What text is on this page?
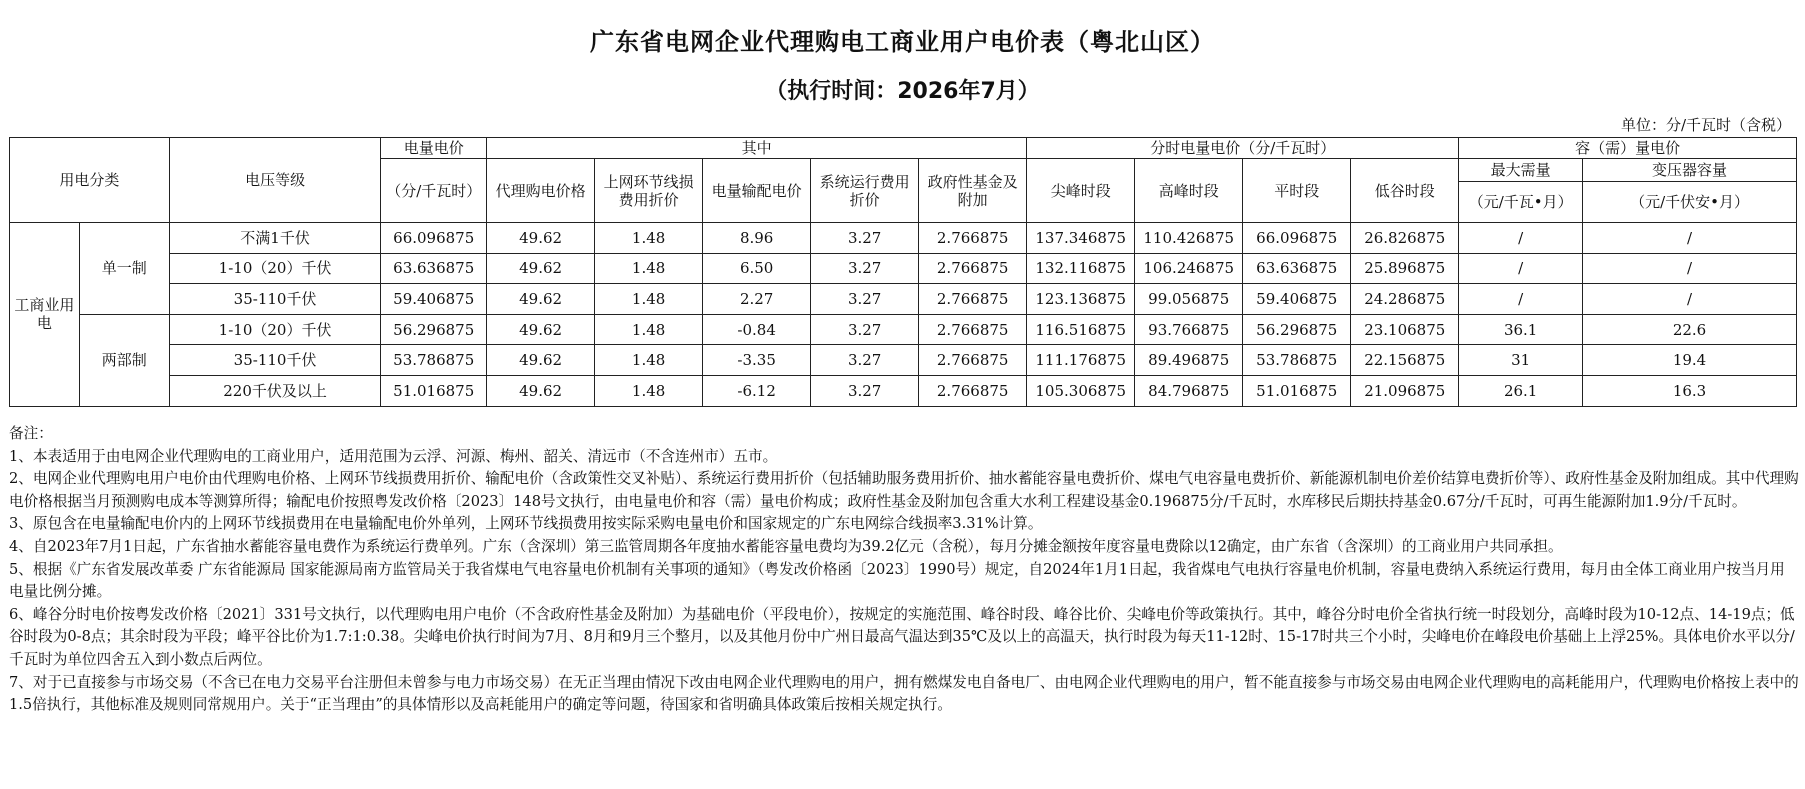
广东省电网企业代理购电工商业用户电价表（粤北山区）
（执行时间：2026年7月）
单位：分/千瓦时（含税）
用电分类		电压等级	电量电价	其中					分时电量电价（分/千瓦时）				容（需）量电价	
			（分/千瓦时）	代理购电价格	上网环节线损费用折价	电量输配电价	系统运行费用折价	政府性基金及附加	尖峰时段	高峰时段	平时段	低谷时段	最大需量	变压器容量
													（元/千瓦•月）	（元/千伏安•月）
工商业用电	单一制	不满1千伏	66.096875	49.62	1.48	8.96	3.27	2.766875	137.346875	110.426875	66.096875	26.826875	/	/
		1-10（20）千伏	63.636875	49.62	1.48	6.50	3.27	2.766875	132.116875	106.246875	63.636875	25.896875	/	/
		35-110千伏	59.406875	49.62	1.48	2.27	3.27	2.766875	123.136875	99.056875	59.406875	24.286875	/	/
	两部制	1-10（20）千伏	56.296875	49.62	1.48	-0.84	3.27	2.766875	116.516875	93.766875	56.296875	23.106875	36.1	22.6
		35-110千伏	53.786875	49.62	1.48	-3.35	3.27	2.766875	111.176875	89.496875	53.786875	22.156875	31	19.4
		220千伏及以上	51.016875	49.62	1.48	-6.12	3.27	2.766875	105.306875	84.796875	51.016875	21.096875	26.1	16.3

备注：

1、本表适用于由电网企业代理购电的工商业用户，适用范围为云浮、河源、梅州、韶关、清远市（不含连州市）五市。

2、电网企业代理购电用户电价由代理购电价格、上网环节线损费用折价、输配电价（含政策性交叉补贴）、系统运行费用折价（包括辅助服务费用折价、抽水蓄能容量电费折价、煤电气电容量电费折价、新能源机制电价差价结算电费折价等）、政府性基金及附加组成。其中代理购电价格根据当月预测购电成本等测算所得；输配电价按照粤发改价格〔2023〕148号文执行，由电量电价和容（需）量电价构成；政府性基金及附加包含重大水利工程建设基金0.196875分/千瓦时，水库移民后期扶持基金0.67分/千瓦时，可再生能源附加1.9分/千瓦时。

3、原包含在电量输配电价内的上网环节线损费用在电量输配电价外单列，上网环节线损费用按实际采购电量电价和国家规定的广东电网综合线损率3.31%计算。

4、自2023年7月1日起，广东省抽水蓄能容量电费作为系统运行费单列。广东（含深圳）第三监管周期各年度抽水蓄能容量电费均为39.2亿元（含税），每月分摊金额按年度容量电费除以12确定，由广东省（含深圳）的工商业用户共同承担。

5、根据《广东省发展改革委 广东省能源局 国家能源局南方监管局关于我省煤电气电容量电价机制有关事项的通知》（粤发改价格函〔2023〕1990号）规定，自2024年1月1日起，我省煤电气电执行容量电价机制，容量电费纳入系统运行费用，每月由全体工商业用户按当月用电量比例分摊。

6、峰谷分时电价按粤发改价格〔2021〕331号文执行，以代理购电用户电价（不含政府性基金及附加）为基础电价（平段电价），按规定的实施范围、峰谷时段、峰谷比价、尖峰电价等政策执行。其中，峰谷分时电价全省执行统一时段划分，高峰时段为10-12点、14-19点；低谷时段为0-8点；其余时段为平段；峰平谷比价为1.7:1:0.38。尖峰电价执行时间为7月、8月和9月三个整月，以及其他月份中广州日最高气温达到35℃及以上的高温天，执行时段为每天11-12时、15-17时共三个小时，尖峰电价在峰段电价基础上上浮25%。具体电价水平以分/千瓦时为单位四舍五入到小数点后两位。

7、对于已直接参与市场交易（不含已在电力交易平台注册但未曾参与电力市场交易）在无正当理由情况下改由电网企业代理购电的用户，拥有燃煤发电自备电厂、由电网企业代理购电的用户，暂不能直接参与市场交易由电网企业代理购电的高耗能用户，代理购电价格按上表中的1.5倍执行，其他标准及规则同常规用户。关于“正当理由”的具体情形以及高耗能用户的确定等问题，待国家和省明确具体政策后按相关规定执行。
